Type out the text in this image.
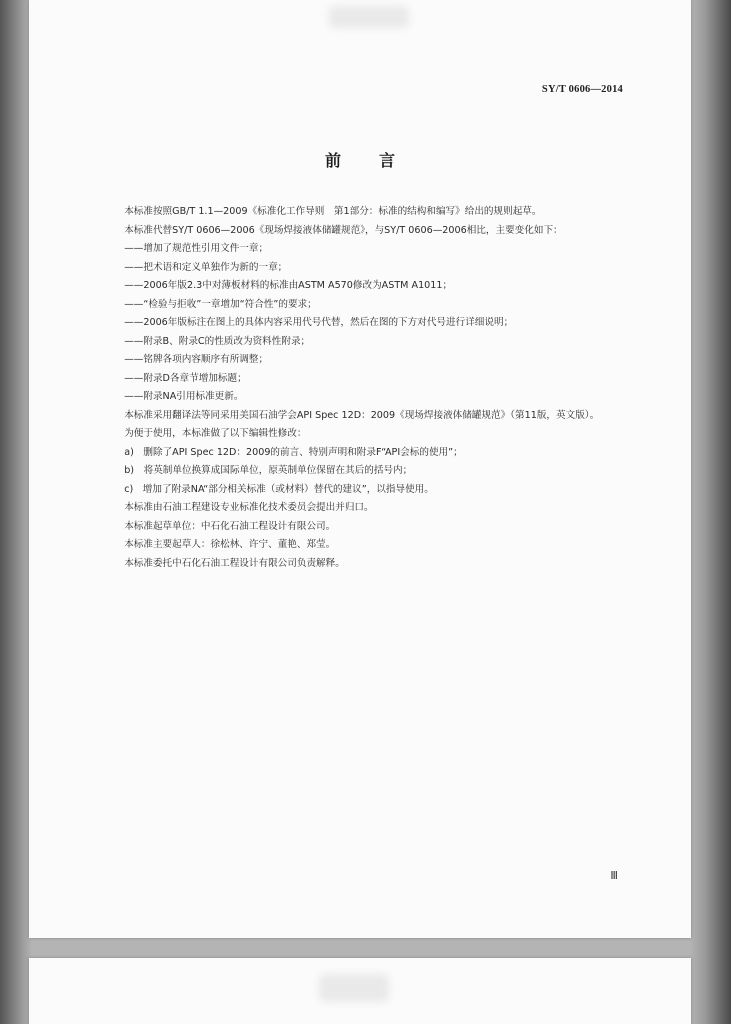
SY/T 0606—2014
前 言

本标准按照GB/T 1.1—2009《标准化工作导则　第1部分：标准的结构和编写》给出的规则起草。

本标准代替SY/T 0606—2006《现场焊接液体储罐规范》，与SY/T 0606—2006相比，主要变化如下：

——增加了规范性引用文件一章；

——把术语和定义单独作为新的一章；

——2006年版2.3中对薄板材料的标准由ASTM A570修改为ASTM A1011；

——“检验与拒收”一章增加“符合性”的要求；

——2006年版标注在图上的具体内容采用代号代替，然后在图的下方对代号进行详细说明；

——附录B、附录C的性质改为资料性附录；

——铭牌各项内容顺序有所调整；

——附录D各章节增加标题；

——附录NA引用标准更新。

本标准采用翻译法等同采用美国石油学会API Spec 12D：2009《现场焊接液体储罐规范》（第11版，英文版）。

为便于使用，本标准做了以下编辑性修改：

a)　删除了API Spec 12D：2009的前言、特别声明和附录F“API会标的使用”；

b)　将英制单位换算成国际单位，原英制单位保留在其后的括号内；

c)　增加了附录NA“部分相关标准（或材料）替代的建议”，以指导使用。

本标准由石油工程建设专业标准化技术委员会提出并归口。

本标准起草单位：中石化石油工程设计有限公司。

本标准主要起草人：徐松林、许宁、董艳、郑莹。

本标准委托中石化石油工程设计有限公司负责解释。

Ⅲ
